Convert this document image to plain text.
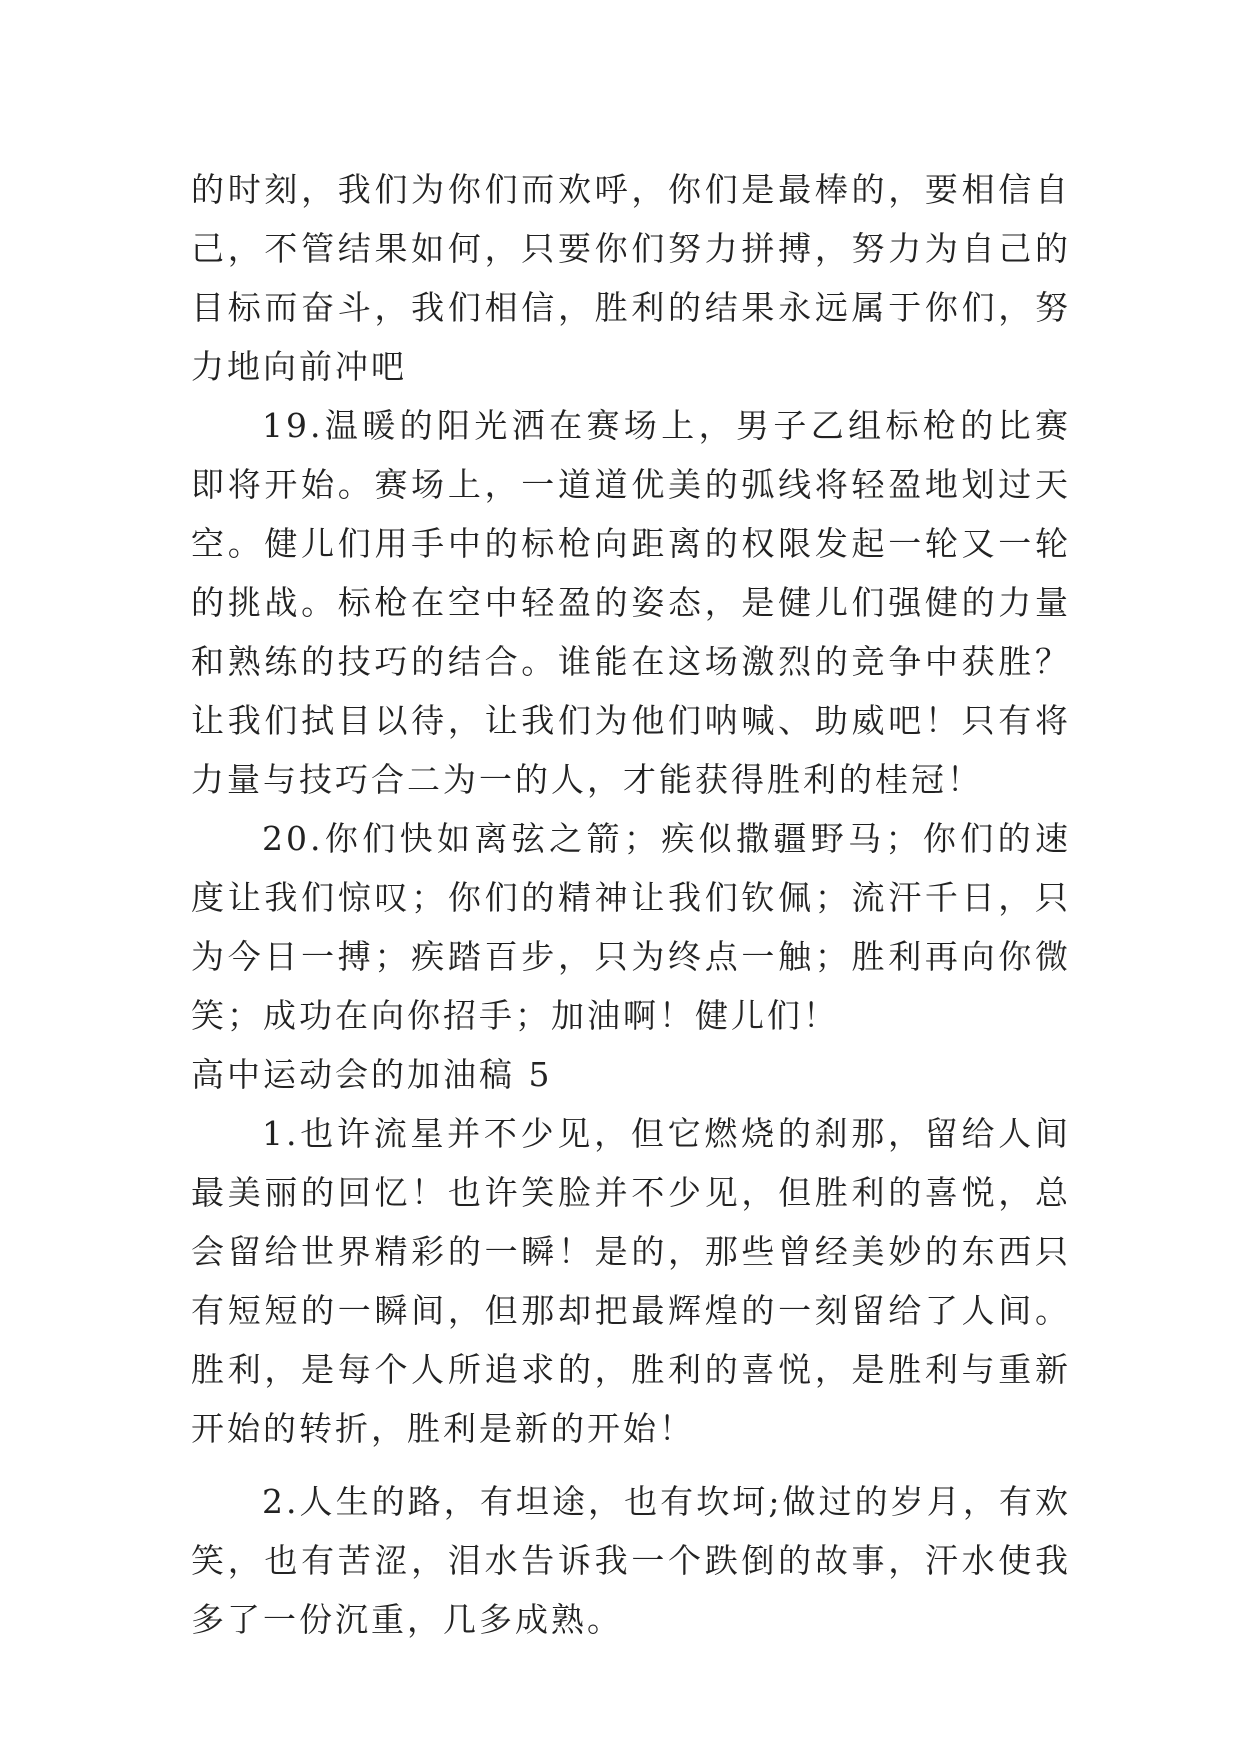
的时刻，我们为你们而欢呼，你们是最棒的，要相信自己，不管结果如何，只要你们努力拼搏，努力为自己的目标而奋斗，我们相信，胜利的结果永远属于你们，努力地向前冲吧

19.温暖的阳光洒在赛场上，男子乙组标枪的比赛即将开始。赛场上，一道道优美的弧线将轻盈地划过天空。健儿们用手中的标枪向距离的权限发起一轮又一轮的挑战。标枪在空中轻盈的姿态，是健儿们强健的力量和熟练的技巧的结合。谁能在这场激烈的竞争中获胜？让我们拭目以待，让我们为他们呐喊、助威吧！只有将力量与技巧合二为一的人，才能获得胜利的桂冠！

20.你们快如离弦之箭；疾似撒疆野马；你们的速度让我们惊叹；你们的精神让我们钦佩；流汗千日，只为今日一搏；疾踏百步，只为终点一触；胜利再向你微笑；成功在向你招手；加油啊！健儿们！

高中运动会的加油稿 5

1.也许流星并不少见，但它燃烧的刹那，留给人间最美丽的回忆！也许笑脸并不少见，但胜利的喜悦，总会留给世界精彩的一瞬！是的，那些曾经美妙的东西只有短短的一瞬间，但那却把最辉煌的一刻留给了人间。胜利，是每个人所追求的，胜利的喜悦，是胜利与重新开始的转折，胜利是新的开始！

2.人生的路，有坦途，也有坎坷;做过的岁月，有欢笑，也有苦涩，泪水告诉我一个跌倒的故事，汗水使我多了一份沉重，几多成熟。
